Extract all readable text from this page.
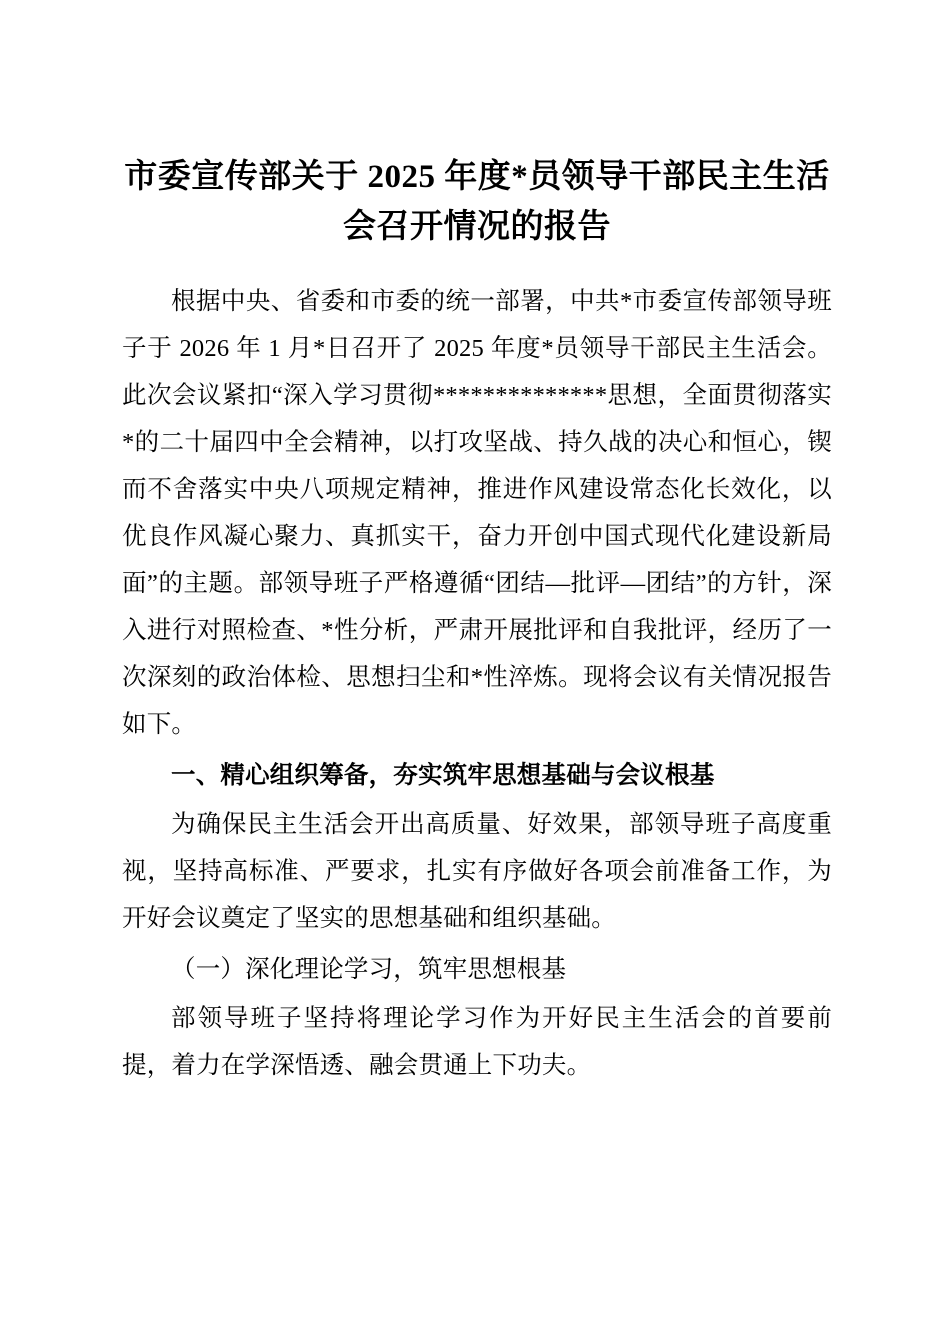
市委宣传部关于 2025 年度*员领导干部民主生活会召开情况的报告

根据中央、省委和市委的统一部署，中共*市委宣传部领导班子于 2026 年 1 月*日召开了 2025 年度*员领导干部民主生活会。此次会议紧扣“深入学习贯彻**************思想，全面贯彻落实*的二十届四中全会精神，以打攻坚战、持久战的决心和恒心，锲而不舍落实中央八项规定精神，推进作风建设常态化长效化，以优良作风凝心聚力、真抓实干，奋力开创中国式现代化建设新局面”的主题。部领导班子严格遵循“团结—批评—团结”的方针，深入进行对照检查、*性分析，严肃开展批评和自我批评，经历了一次深刻的政治体检、思想扫尘和*性淬炼。现将会议有关情况报告如下。

一、精心组织筹备，夯实筑牢思想基础与会议根基

为确保民主生活会开出高质量、好效果，部领导班子高度重视，坚持高标准、严要求，扎实有序做好各项会前准备工作，为开好会议奠定了坚实的思想基础和组织基础。

（一）深化理论学习，筑牢思想根基

部领导班子坚持将理论学习作为开好民主生活会的首要前提，着力在学深悟透、融会贯通上下功夫。
